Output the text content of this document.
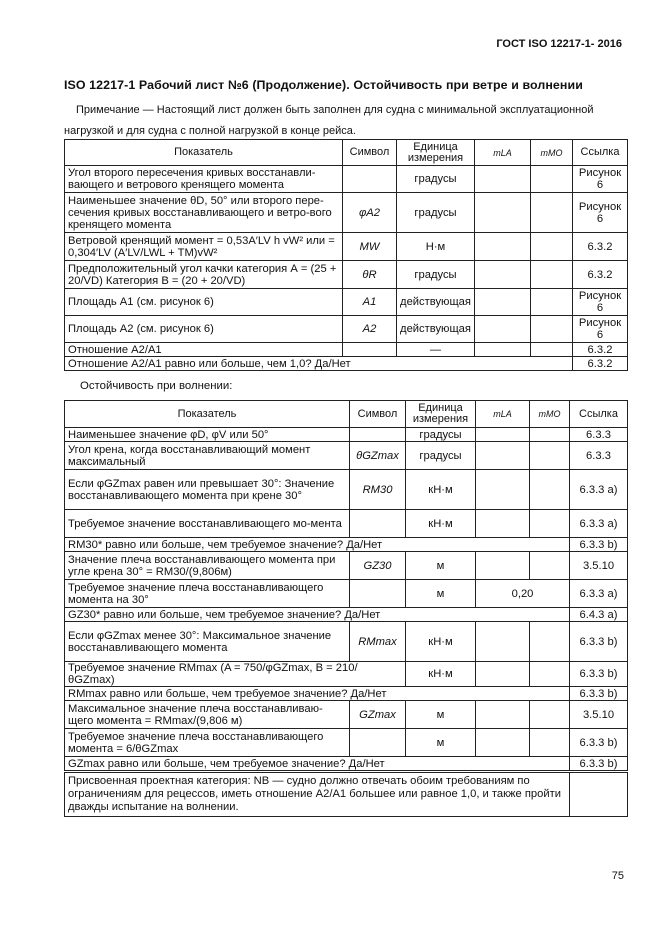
ГОСТ ISO 12217-1- 2016
ISO 12217-1 Рабочий лист №6 (Продолжение). Остойчивость при ветре и волнении
Примечание — Настоящий лист должен быть заполнен для судна с минимальной эксплуатационной нагрузкой и для судна с полной нагрузкой в конце рейса.
Показатель	Символ	Единица измерения	mLA	mMO	Ссылка
Угол второго пересечения кривых восстанавли-вающего и ветрового кренящего момента		градусы			Рисунок 6
Наименьшее значение θD, 50° или второго пере-сечения кривых восстанавливающего и ветро-вого кренящего момента	φA2	градусы			Рисунок 6
Ветровой кренящий момент = 0,53A′LV h vW² или = 0,304′LV (A′LV/LWL + TM)vW²	MW	Н·м			6.3.2
Предположительный угол качки категория А = (25 + 20/VD) Категория В = (20 + 20/VD)	θR	градусы			6.3.2
Площадь A1 (см. рисунок 6)	A1	действующая			Рисунок 6
Площадь A2 (см. рисунок 6)	A2	действующая			Рисунок 6
Отношение A2/A1		—			6.3.2
Отношение A2/A1 равно или больше, чем 1,0? Да/Нет					6.3.2
Остойчивость при волнении:
Показатель	Символ	Единица измерения	mLA	mMO	Ссылка
Наименьшее значение φD, φV или 50°		градусы			6.3.3
Угол крена, когда восстанавливающий момент максимальный	θGZmax	градусы			6.3.3
Если φGZmax равен или превышает 30°: Значение восстанавливающего момента при крене 30°	RM30	кН·м			6.3.3 a)
Требуемое значение восстанавливающего мо-мента		кН·м			6.3.3 a)
RM30* равно или больше, чем требуемое значение? Да/Нет					6.3.3 b)
Значение плеча восстанавливающего момента при угле крена 30° = RM30/(9,806м)	GZ30	м			3.5.10
Требуемое значение плеча восстанавливающего момента на 30°		м	0,20		6.3.3 a)
GZ30* равно или больше, чем требуемое значение? Да/Нет					6.4.3 a)
Если φGZmax менее 30°: Максимальное значение восстанавливающего момента	RMmax	кН·м			6.3.3 b)
Требуемое значение RMmax (A = 750/φGZmax, B = 210/θGZmax)		кН·м			6.3.3 b)
RMmax равно или больше, чем требуемое значение? Да/Нет					6.3.3 b)
Максимальное значение плеча восстанавливаю-щего момента = RMmax/(9,806 м)	GZmax	м			3.5.10
Требуемое значение плеча восстанавливающего момента = 6/θGZmax		м			6.3.3 b)
GZmax равно или больше, чем требуемое значение? Да/Нет					6.3.3 b)
Присвоенная проектная категория: NB — судно должно отвечать обоим требованиям по ограничениям для рецессов, иметь отношение A2/A1 большее или равное 1,0, и также пройти дважды испытание на волнении.	
75
